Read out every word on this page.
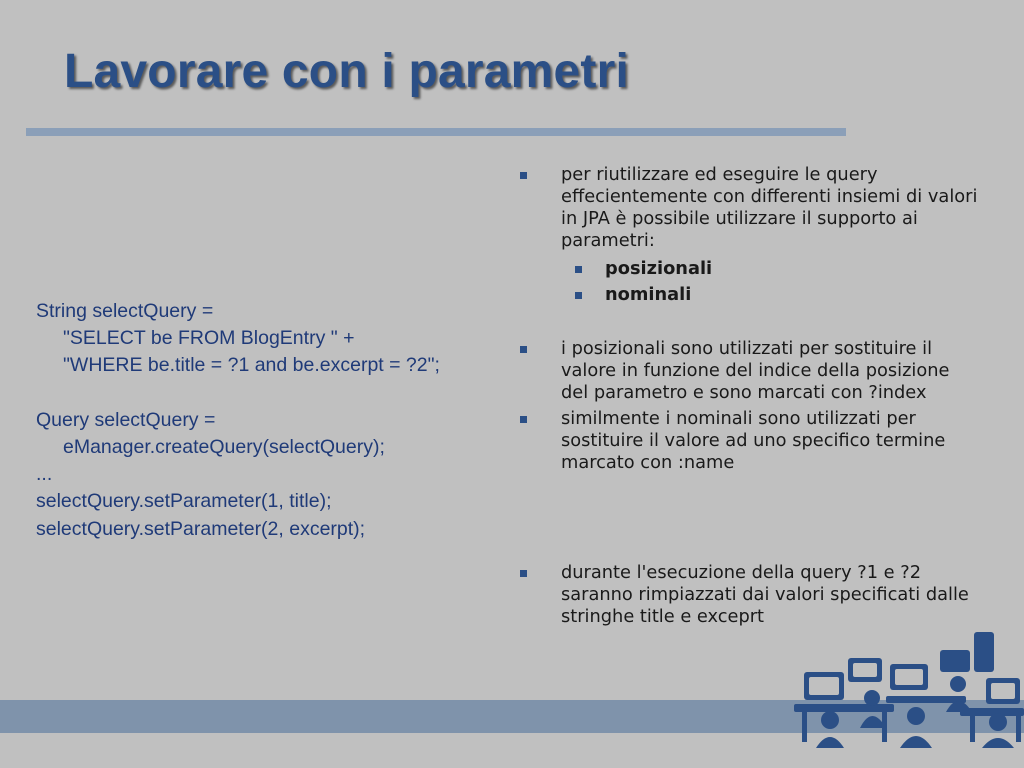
Lavorare con i parametri
String selectQuery =
"SELECT be FROM BlogEntry " +
"WHERE be.title = ?1 and be.excerpt = ?2";
Query selectQuery =
eManager.createQuery(selectQuery);
...
selectQuery.setParameter(1, title);
selectQuery.setParameter(2, excerpt);
per riutilizzare ed eseguire le query effecientemente con differenti insiemi di valori in JPA è possibile utilizzare il supporto ai parametri:
posizionali
nominali
i posizionali sono utilizzati per sostituire il valore in funzione del indice della posizione del parametro e sono marcati con ?index
similmente i nominali sono utilizzati per sostituire il valore ad uno specifico termine marcato con :name
durante l'esecuzione della query ?1 e ?2 saranno rimpiazzati dai valori specificati dalle stringhe title e exceprt
